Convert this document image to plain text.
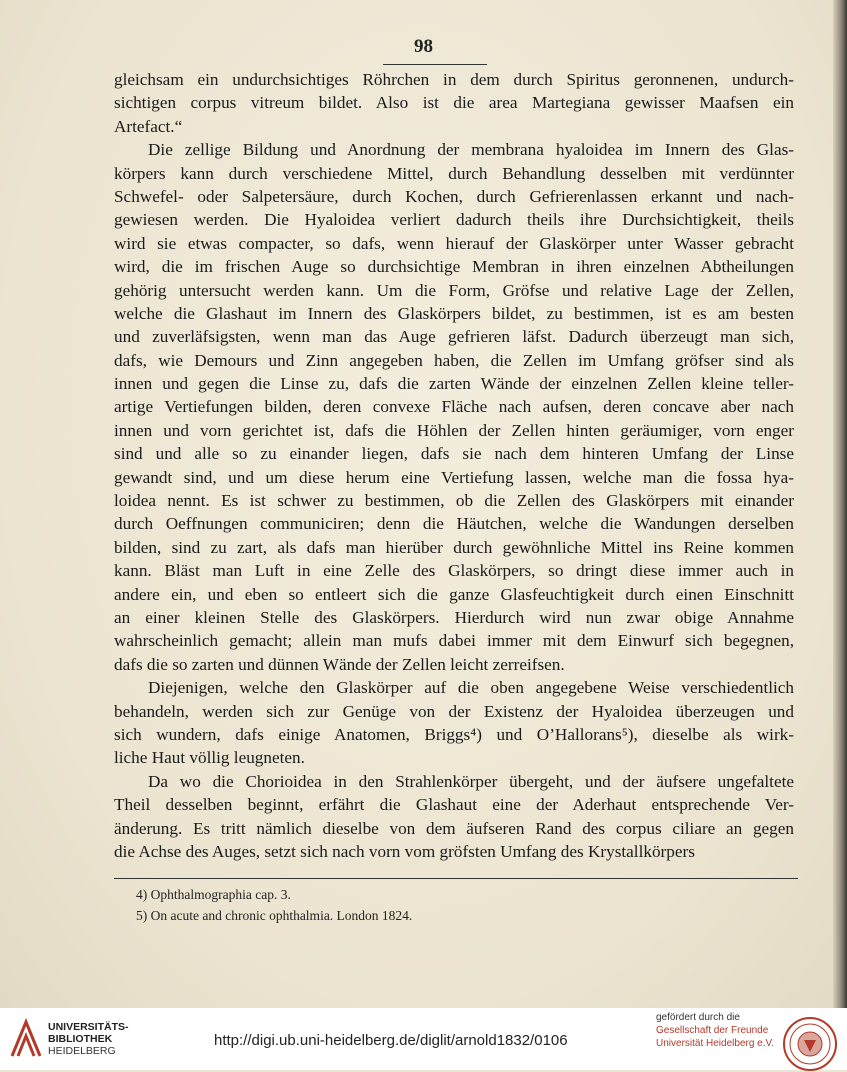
98
gleichsam ein undurchsichtiges Röhrchen in dem durch Spiritus geronnenen, undurch-
sichtigen corpus vitreum bildet. Also ist die area Martegiana gewisser Maafsen ein
Artefact.“
Die zellige Bildung und Anordnung der membrana hyaloidea im Innern des Glas-
körpers kann durch verschiedene Mittel, durch Behandlung desselben mit verdünnter
Schwefel- oder Salpetersäure, durch Kochen, durch Gefrierenlassen erkannt und nach-
gewiesen werden. Die Hyaloidea verliert dadurch theils ihre Durchsichtigkeit, theils
wird sie etwas compacter, so dafs, wenn hierauf der Glaskörper unter Wasser gebracht
wird, die im frischen Auge so durchsichtige Membran in ihren einzelnen Abtheilungen
gehörig untersucht werden kann. Um die Form, Gröfse und relative Lage der Zellen,
welche die Glashaut im Innern des Glaskörpers bildet, zu bestimmen, ist es am besten
und zuverläfsigsten, wenn man das Auge gefrieren läfst. Dadurch überzeugt man sich,
dafs, wie Demours und Zinn angegeben haben, die Zellen im Umfang gröfser sind als
innen und gegen die Linse zu, dafs die zarten Wände der einzelnen Zellen kleine teller-
artige Vertiefungen bilden, deren convexe Fläche nach aufsen, deren concave aber nach
innen und vorn gerichtet ist, dafs die Höhlen der Zellen hinten geräumiger, vorn enger
sind und alle so zu einander liegen, dafs sie nach dem hinteren Umfang der Linse
gewandt sind, und um diese herum eine Vertiefung lassen, welche man die fossa hya-
loidea nennt. Es ist schwer zu bestimmen, ob die Zellen des Glaskörpers mit einander
durch Oeffnungen communiciren; denn die Häutchen, welche die Wandungen derselben
bilden, sind zu zart, als dafs man hierüber durch gewöhnliche Mittel ins Reine kommen
kann. Bläst man Luft in eine Zelle des Glaskörpers, so dringt diese immer auch in
andere ein, und eben so entleert sich die ganze Glasfeuchtigkeit durch einen Einschnitt
an einer kleinen Stelle des Glaskörpers. Hierdurch wird nun zwar obige Annahme
wahrscheinlich gemacht; allein man mufs dabei immer mit dem Einwurf sich begegnen,
dafs die so zarten und dünnen Wände der Zellen leicht zerreifsen.
Diejenigen, welche den Glaskörper auf die oben angegebene Weise verschiedentlich
behandeln, werden sich zur Genüge von der Existenz der Hyaloidea überzeugen und
sich wundern, dafs einige Anatomen, Briggs⁴) und O’Hallorans⁵), dieselbe als wirk-
liche Haut völlig leugneten.
Da wo die Chorioidea in den Strahlenkörper übergeht, und der äufsere ungefaltete
Theil desselben beginnt, erfährt die Glashaut eine der Aderhaut entsprechende Ver-
änderung. Es tritt nämlich dieselbe von dem äufseren Rand des corpus ciliare an gegen
die Achse des Auges, setzt sich nach vorn vom gröfsten Umfang des Krystallkörpers
4) Ophthalmographia cap. 3.
5) On acute and chronic ophthalmia. London 1824.
UNIVERSITÄTS-
BIBLIOTHEK
HEIDELBERG
http://digi.ub.uni-heidelberg.de/diglit/arnold1832/0106
gefördert durch die
Gesellschaft der Freunde
Universität Heidelberg e.V.
